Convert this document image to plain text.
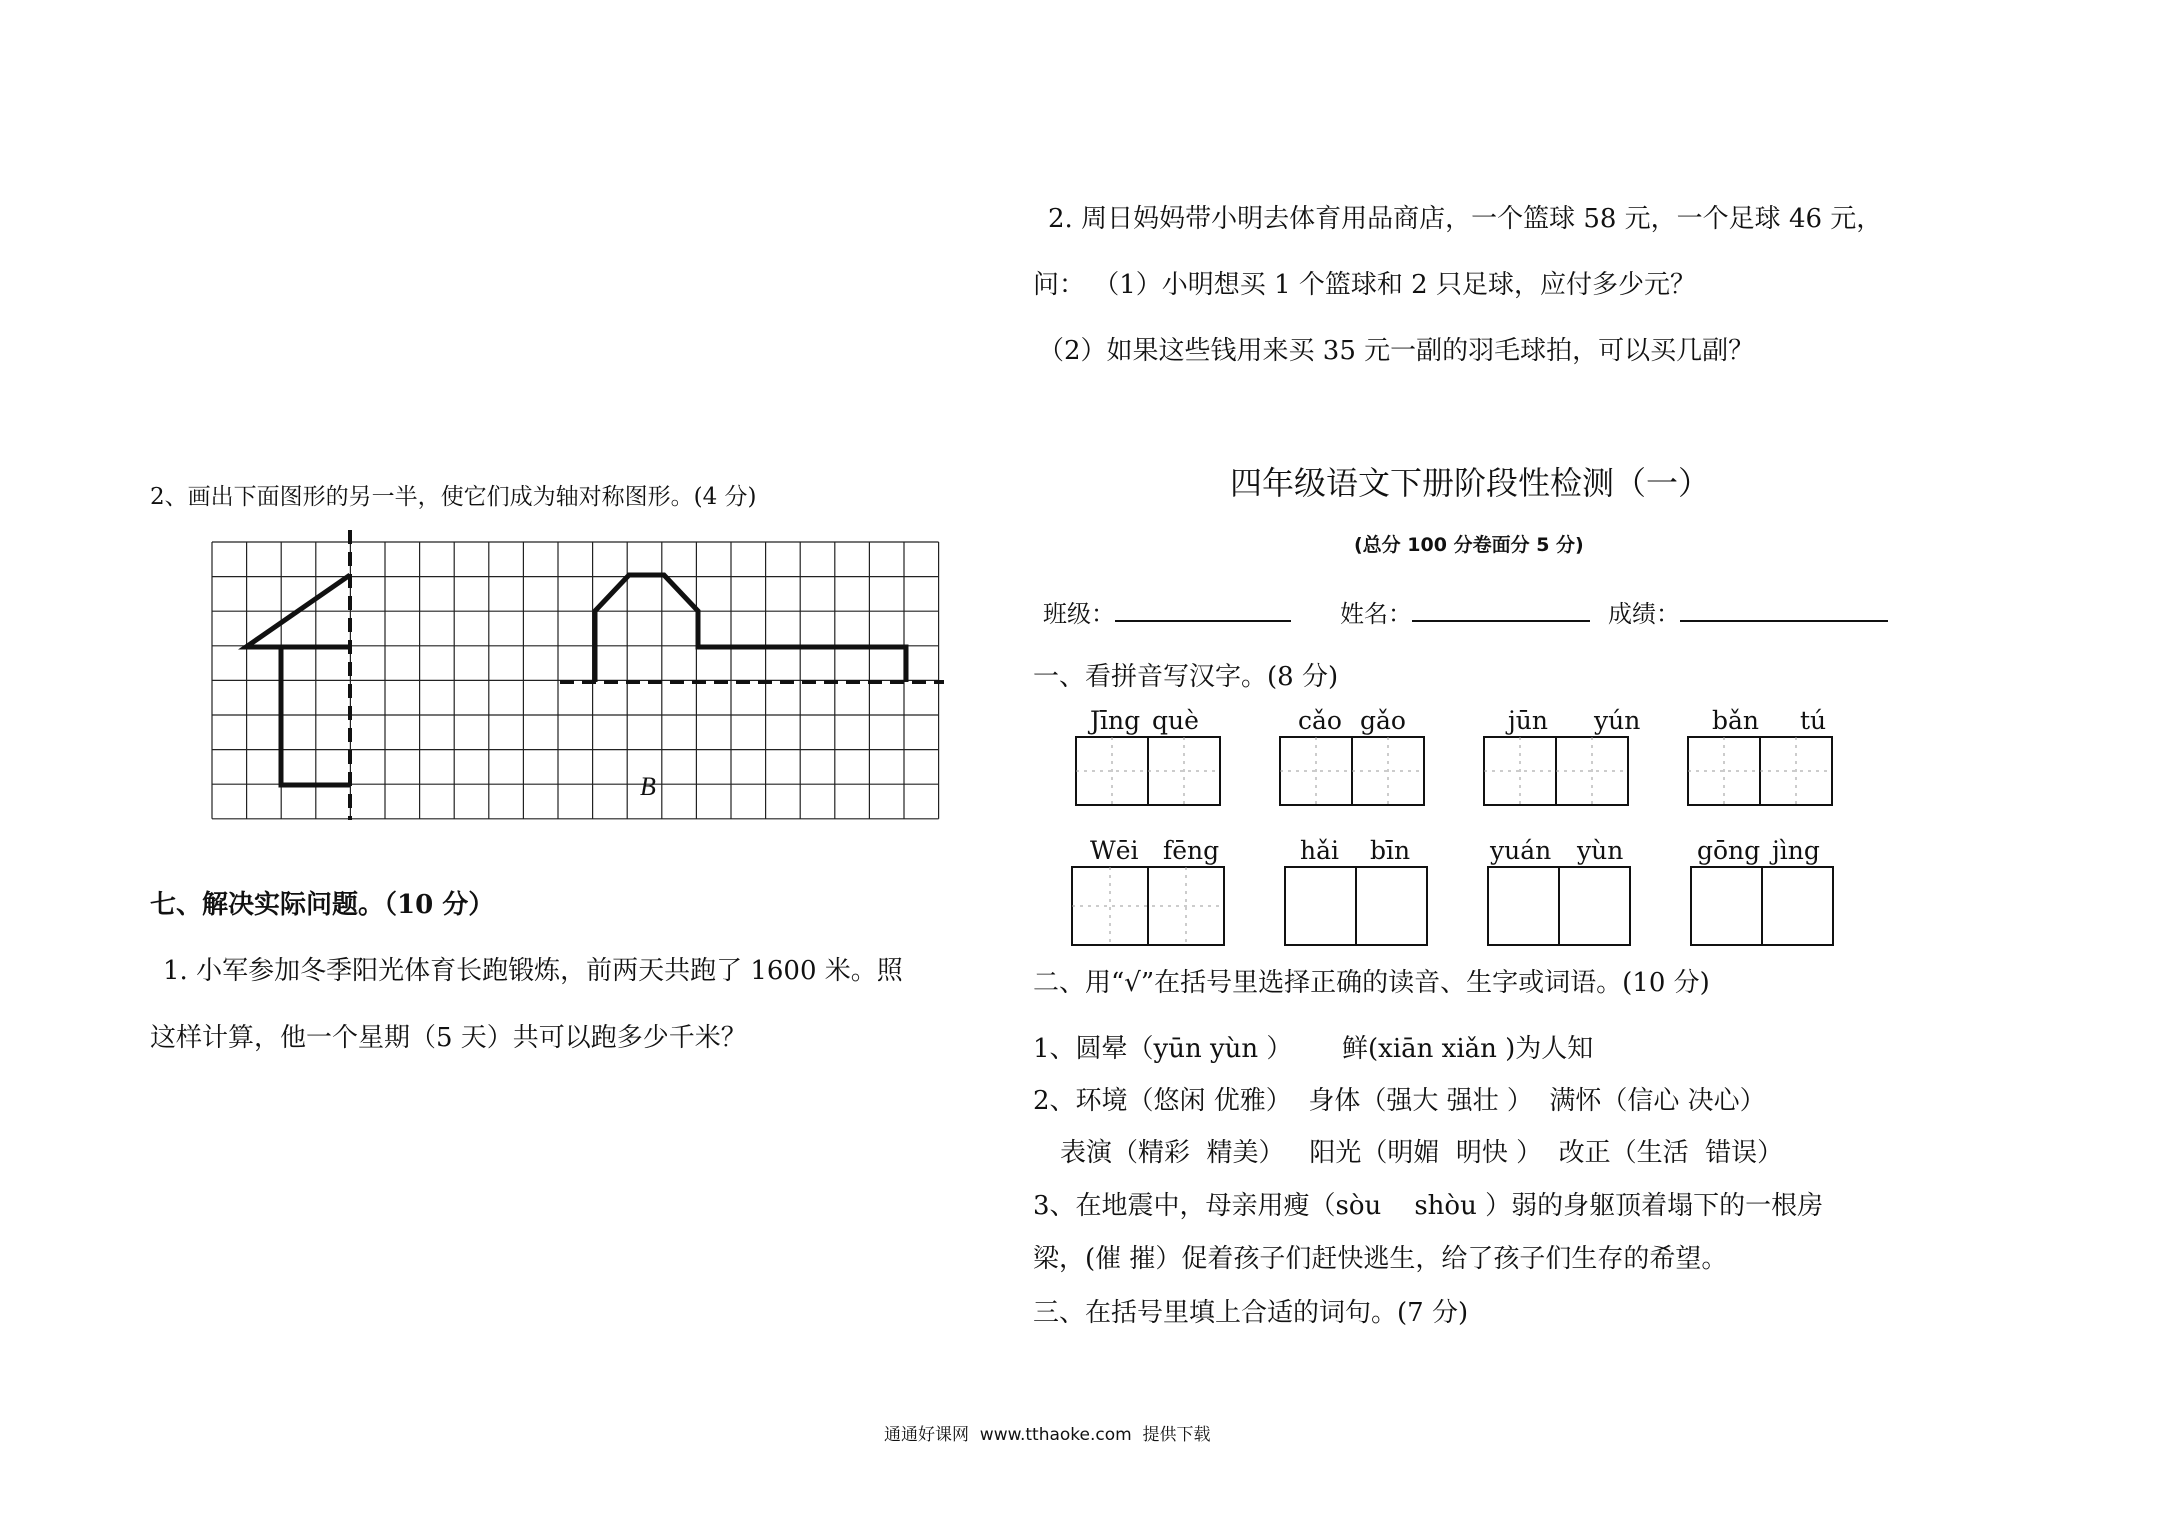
2. 周日妈妈带小明去体育用品商店，一个篮球 58 元，一个足球 46 元，
问： （1）小明想买 1 个篮球和 2 只足球，应付多少元？
（2）如果这些钱用来买 35 元一副的羽毛球拍，可以买几副？
2、画出下面图形的另一半，使它们成为轴对称图形。(4 分)
B
七、解决实际问题。（10 分）
1. 小军参加冬季阳光体育长跑锻炼，前两天共跑了 1600 米。照
这样计算，他一个星期（5 天）共可以跑多少千米？
四年级语文下册阶段性检测（一）
(总分 100 分卷面分 5 分)
班级：	姓名：	成绩：
一、看拼音写汉字。(8 分)
Jīng què	cǎo gǎo	jūn yún	bǎn tú
Wēi fēng	hǎi bīn	yuán yùn	gōng jìng
二、用“√”在括号里选择正确的读音、生字或词语。(10 分)
1、圆晕（yūn yùn ）      鲜(xiān xiǎn )为人知
2、环境（悠闲 优雅）  身体（强大 强壮 ）  满怀（信心 决心）
表演（精彩  精美）   阳光（明媚  明快 ）  改正（生活  错误）
3、在地震中，母亲用瘦（sòu    shòu ）弱的身躯顶着塌下的一根房
梁，(催 摧）促着孩子们赶快逃生，给了孩子们生存的希望。
三、在括号里填上合适的词句。(7 分)
通通好课网  www.tthaoke.com  提供下载
